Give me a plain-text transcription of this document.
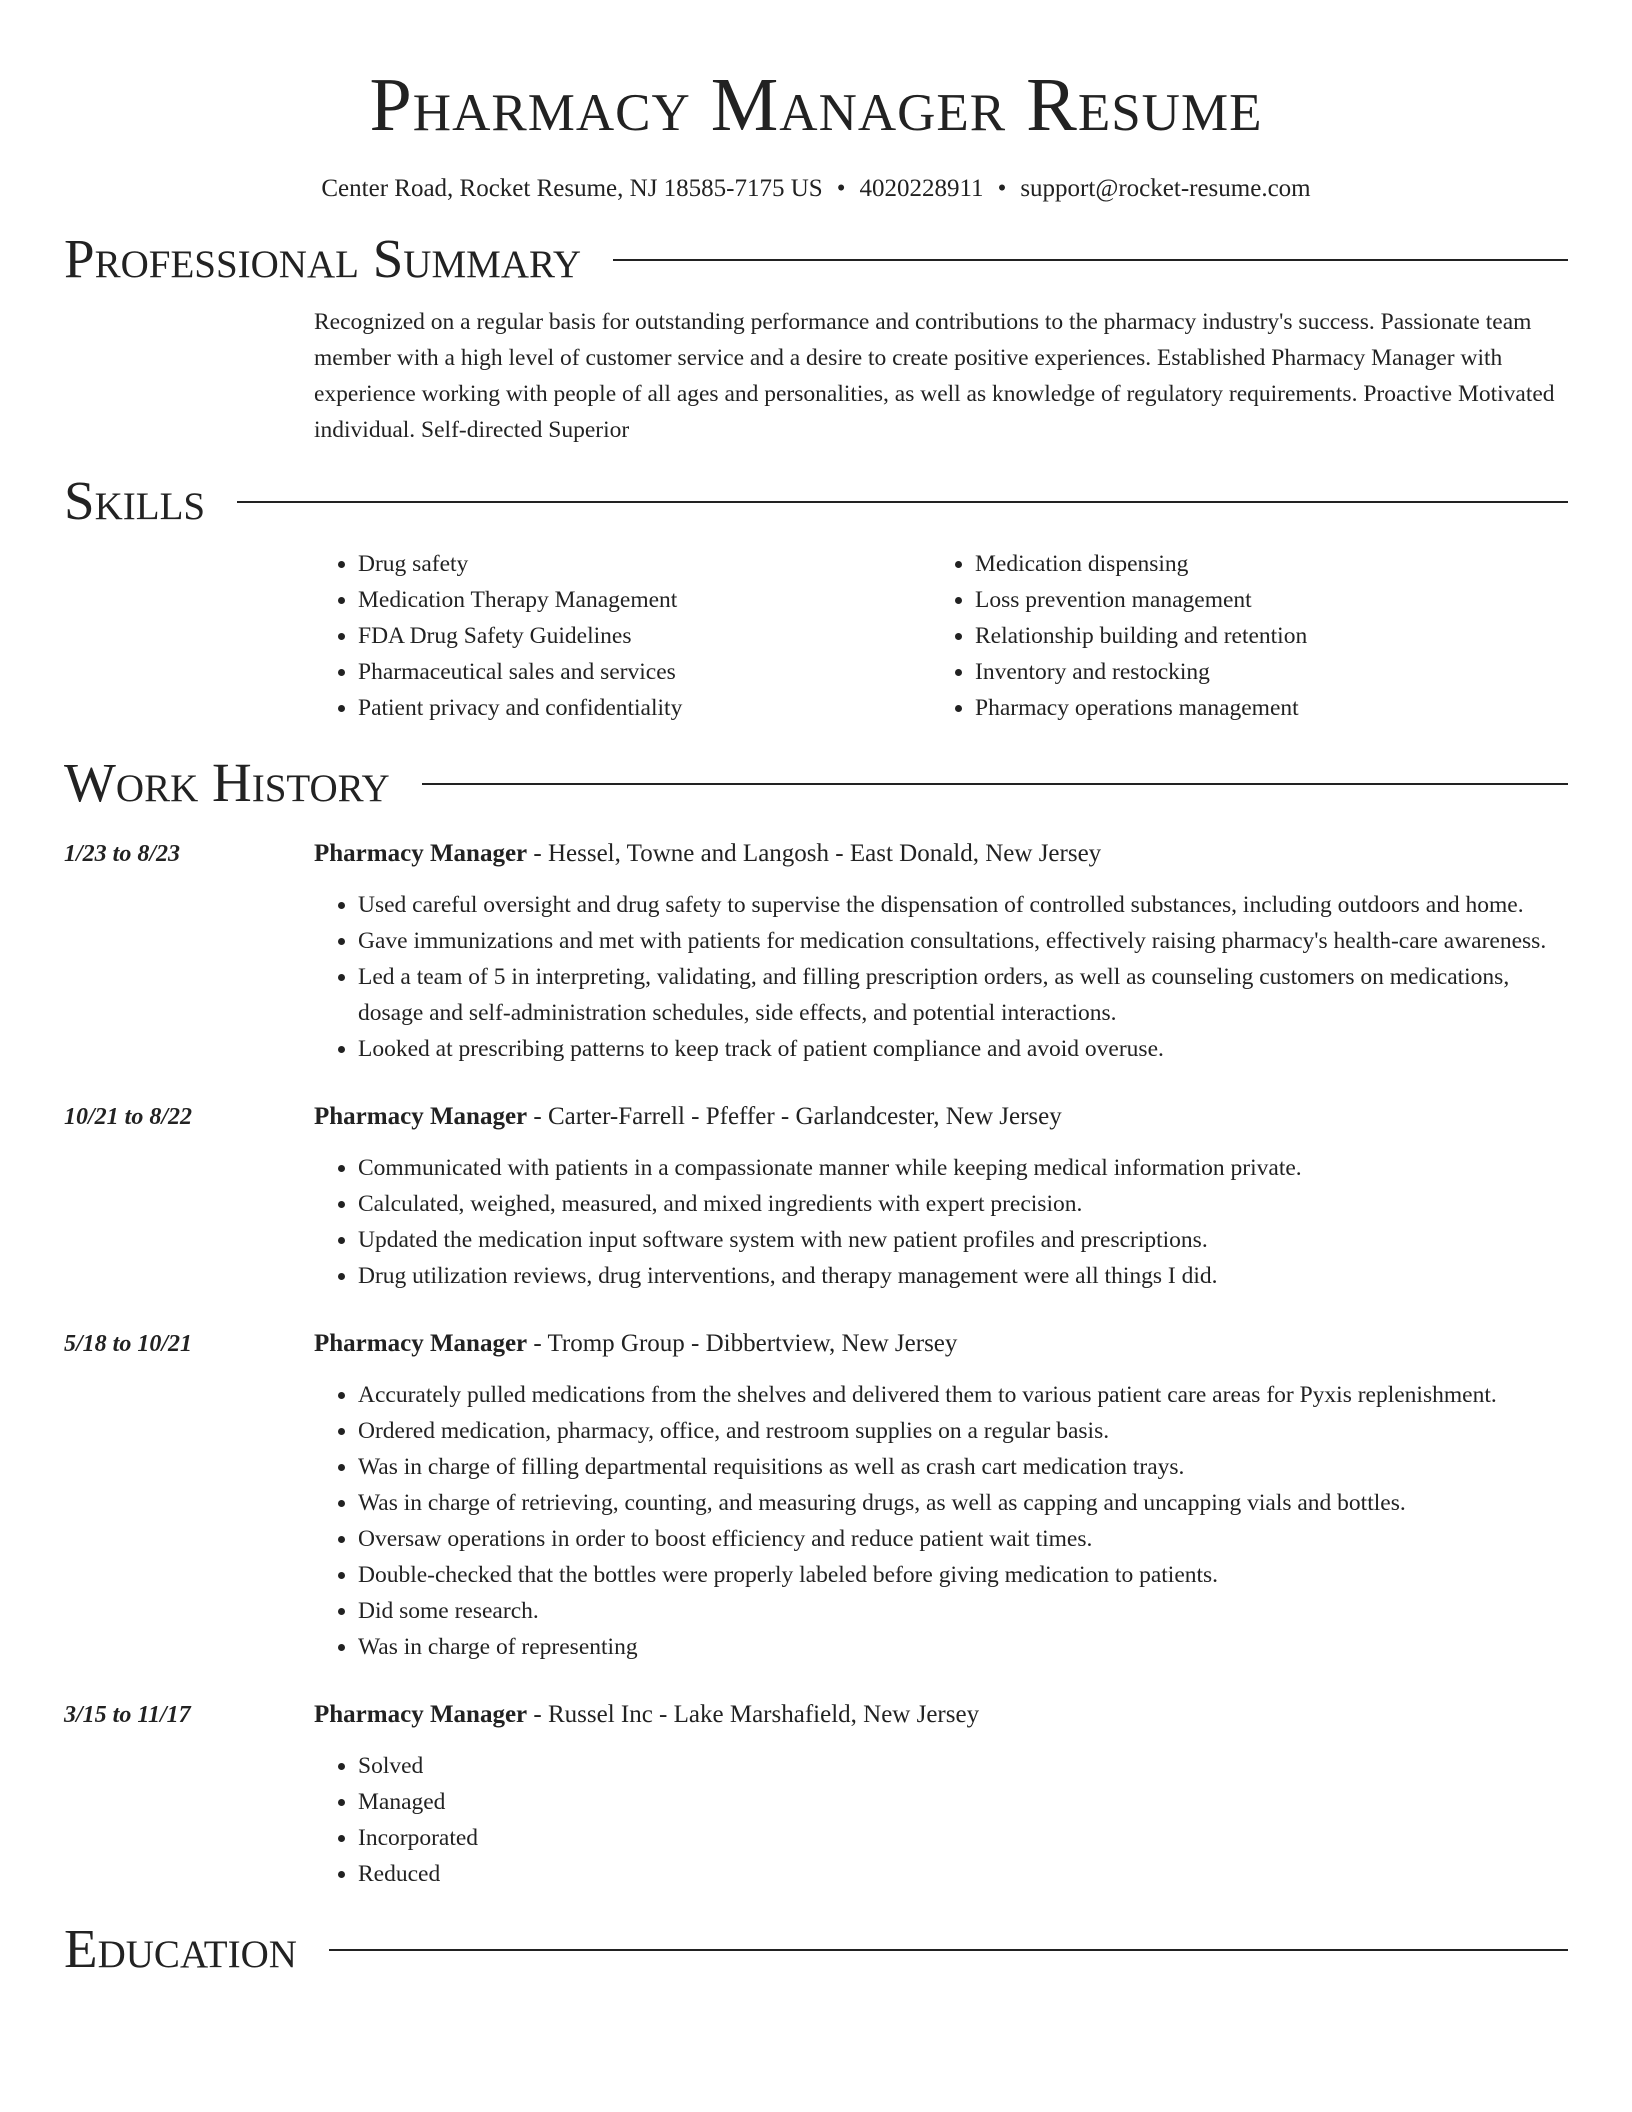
Pharmacy Manager Resume
Center Road, Rocket Resume, NJ 18585-7175 US • 4020228911 • support@rocket-resume.com
Professional Summary
Recognized on a regular basis for outstanding performance and contributions to the pharmacy industry's success. Passionate team member with a high level of customer service and a desire to create positive experiences. Established Pharmacy Manager with experience working with people of all ages and personalities, as well as knowledge of regulatory requirements. Proactive Motivated individual. Self-directed Superior
Skills
• Drug safety
• Medication Therapy Management
• FDA Drug Safety Guidelines
• Pharmaceutical sales and services
• Patient privacy and confidentiality
• Medication dispensing
• Loss prevention management
• Relationship building and retention
• Inventory and restocking
• Pharmacy operations management
Work History
1/23 to 8/23	Pharmacy Manager - Hessel, Towne and Langosh - East Donald, New Jersey
• Used careful oversight and drug safety to supervise the dispensation of controlled substances, including outdoors and home.
• Gave immunizations and met with patients for medication consultations, effectively raising pharmacy's health-care awareness.
• Led a team of 5 in interpreting, validating, and filling prescription orders, as well as counseling customers on medications, dosage and self-administration schedules, side effects, and potential interactions.
• Looked at prescribing patterns to keep track of patient compliance and avoid overuse.
10/21 to 8/22	Pharmacy Manager - Carter-Farrell - Pfeffer - Garlandcester, New Jersey
• Communicated with patients in a compassionate manner while keeping medical information private.
• Calculated, weighed, measured, and mixed ingredients with expert precision.
• Updated the medication input software system with new patient profiles and prescriptions.
• Drug utilization reviews, drug interventions, and therapy management were all things I did.
5/18 to 10/21	Pharmacy Manager - Tromp Group - Dibbertview, New Jersey
• Accurately pulled medications from the shelves and delivered them to various patient care areas for Pyxis replenishment.
• Ordered medication, pharmacy, office, and restroom supplies on a regular basis.
• Was in charge of filling departmental requisitions as well as crash cart medication trays.
• Was in charge of retrieving, counting, and measuring drugs, as well as capping and uncapping vials and bottles.
• Oversaw operations in order to boost efficiency and reduce patient wait times.
• Double-checked that the bottles were properly labeled before giving medication to patients.
• Did some research.
• Was in charge of representing
3/15 to 11/17	Pharmacy Manager - Russel Inc - Lake Marshafield, New Jersey
• Solved
• Managed
• Incorporated
• Reduced
Education
